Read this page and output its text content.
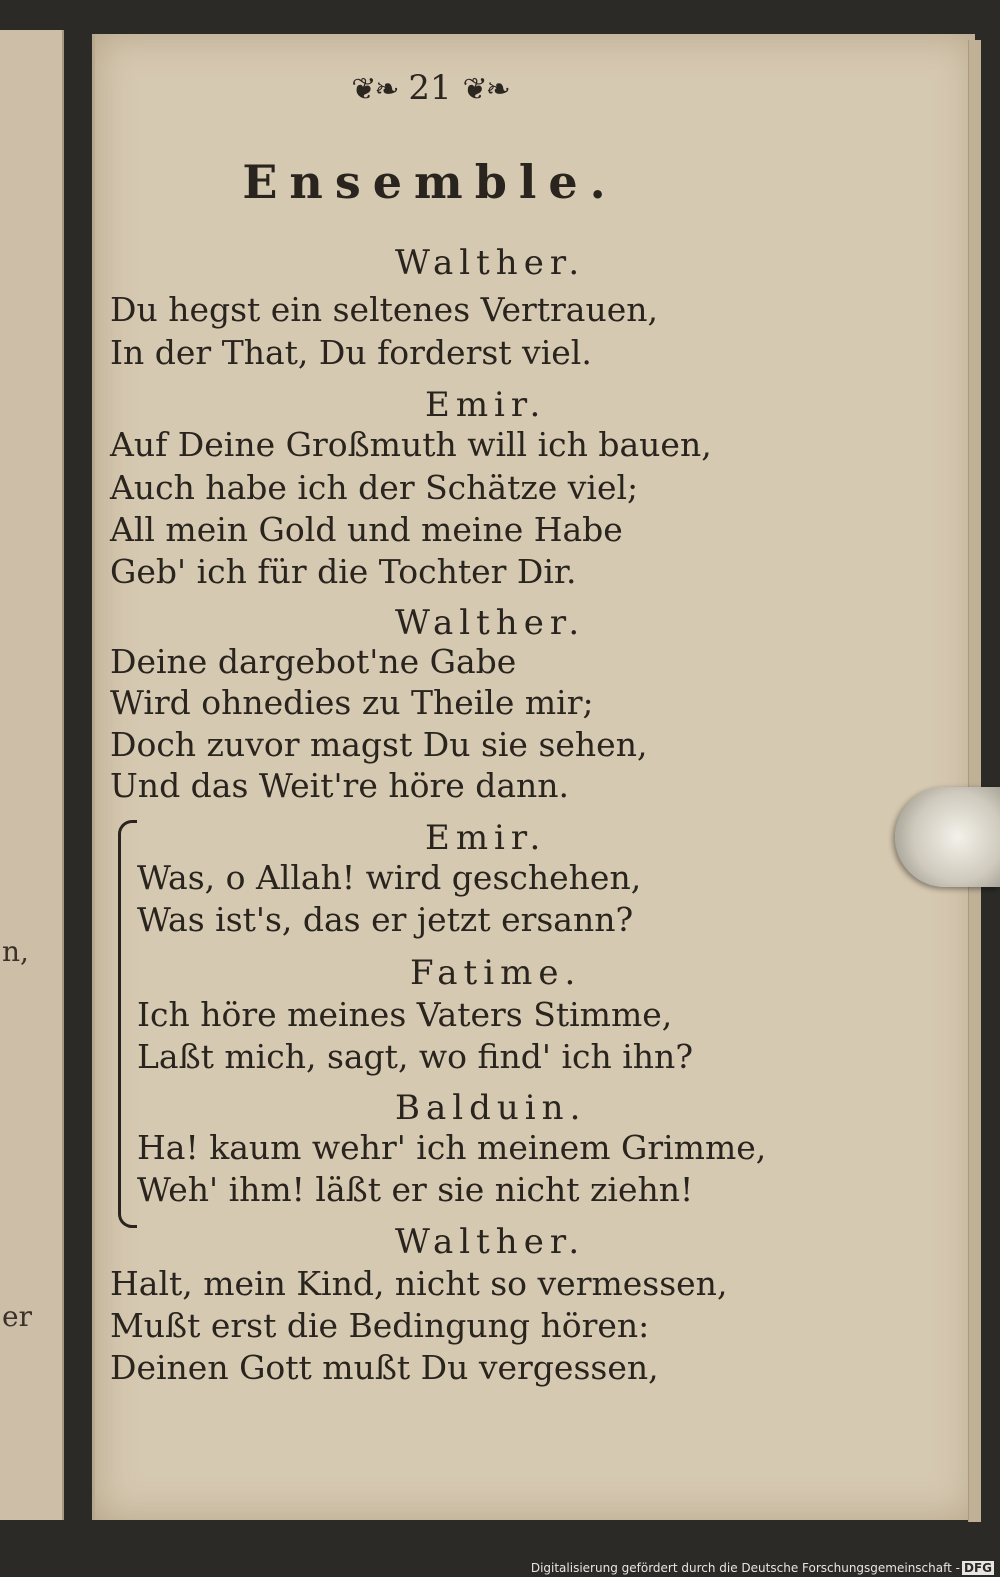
n,
er
❦❧ 21 ❦❧
Ensemble.
Walther.
Du hegst ein seltenes Vertrauen,
In der That, Du forderst viel.
Emir.
Auf Deine Großmuth will ich bauen,
Auch habe ich der Schätze viel;
All mein Gold und meine Habe
Geb' ich für die Tochter Dir.
Walther.
Deine dargebot'ne Gabe
Wird ohnedies zu Theile mir;
Doch zuvor magst Du sie sehen,
Und das Weit're höre dann.
Emir.
Was, o Allah! wird geschehen,
Was ist's, das er jetzt ersann?
Fatime.
Ich höre meines Vaters Stimme,
Laßt mich, sagt, wo find' ich ihn?
Balduin.
Ha! kaum wehr' ich meinem Grimme,
Weh' ihm! läßt er sie nicht ziehn!
Walther.
Halt, mein Kind, nicht so vermessen,
Mußt erst die Bedingung hören:
Deinen Gott mußt Du vergessen,
Digitalisierung gefördert durch die Deutsche Forschungsgemeinschaft - DFG
